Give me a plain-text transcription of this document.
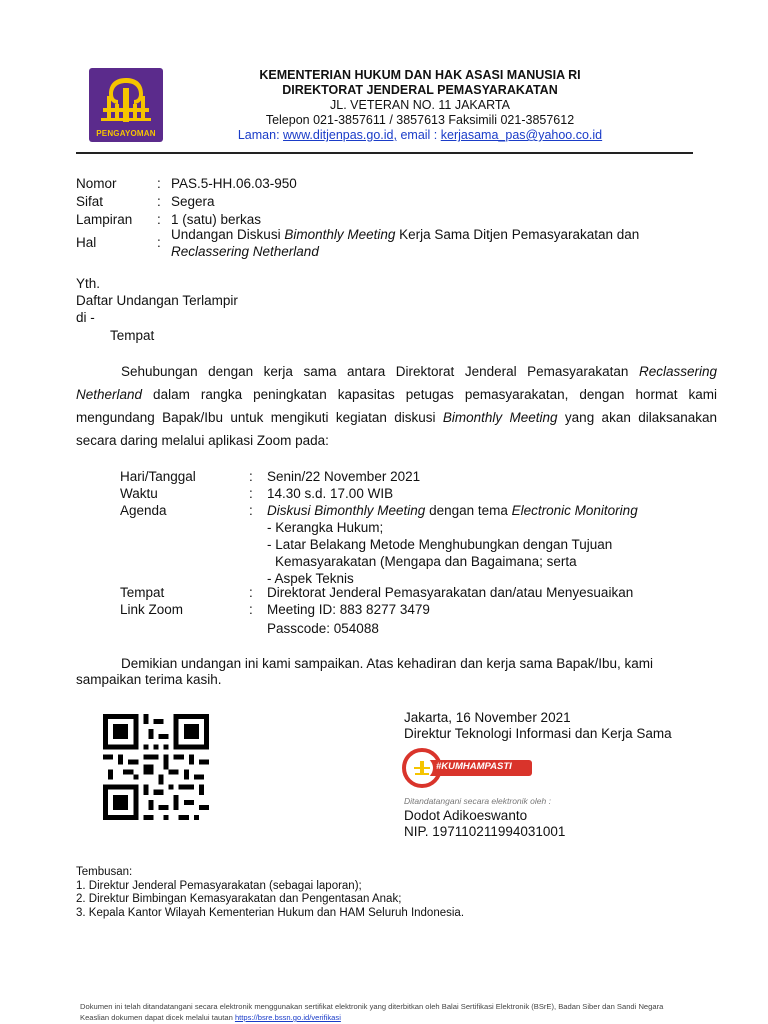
PENGAYOMAN
KEMENTERIAN HUKUM DAN HAK ASASI MANUSIA RI
DIREKTORAT JENDERAL PEMASYARAKATAN
JL. VETERAN NO. 11 JAKARTA
Telepon 021-3857611 / 3857613 Faksimili 021-3857612
Laman: www.ditjenpas.go.id, email : kerjasama_pas@yahoo.co.id
Nomor	: PAS.5-HH.06.03-950
Sifat	: Segera
Lampiran : 1 (satu) berkas
Hal	:
Undangan Diskusi Bimonthly Meeting Kerja Sama Ditjen Pemasyarakatan dan
Reclassering Netherland
Yth.
Daftar Undangan Terlampir
di -
Tempat
Sehubungan dengan kerja sama antara Direktorat Jenderal Pemasyarakatan Reclassering Netherland dalam rangka peningkatan kapasitas petugas pemasyarakatan, dengan hormat kami mengundang Bapak/Ibu untuk mengikuti kegiatan diskusi Bimonthly Meeting yang akan dilaksanakan secara daring melalui aplikasi Zoom pada:
Hari/Tanggal	: Senin/22 November 2021
Waktu	: 14.30 s.d. 17.00 WIB
Agenda	: Diskusi Bimonthly Meeting dengan tema Electronic Monitoring
- Kerangka Hukum;
- Latar Belakang Metode Menghubungkan dengan Tujuan
Kemasyarakatan (Mengapa dan Bagaimana; serta
- Aspek Teknis
Tempat	: Direktorat Jenderal Pemasyarakatan dan/atau Menyesuaikan
Link Zoom	: Meeting ID: 883 8277 3479
Passcode: 054088
Demikian undangan ini kami sampaikan. Atas kehadiran dan kerja sama Bapak/Ibu, kami
sampaikan terima kasih.
Jakarta, 16 November 2021
Direktur Teknologi Informasi dan Kerja Sama
#KUMHAMPASTI
Ditandatangani secara elektronik oleh :
Dodot Adikoeswanto
NIP. 197110211994031001
Tembusan:
1. Direktur Jenderal Pemasyarakatan (sebagai laporan);
2. Direktur Bimbingan Kemasyarakatan dan Pengentasan Anak;
3. Kepala Kantor Wilayah Kementerian Hukum dan HAM Seluruh Indonesia.
Dokumen ini telah ditandatangani secara elektronik menggunakan sertifikat elektronik yang diterbitkan oleh Balai Sertifikasi Elektronik (BSrE), Badan Siber dan Sandi Negara
Keaslian dokumen dapat dicek melalui tautan https://bsre.bssn.go.id/verifikasi
